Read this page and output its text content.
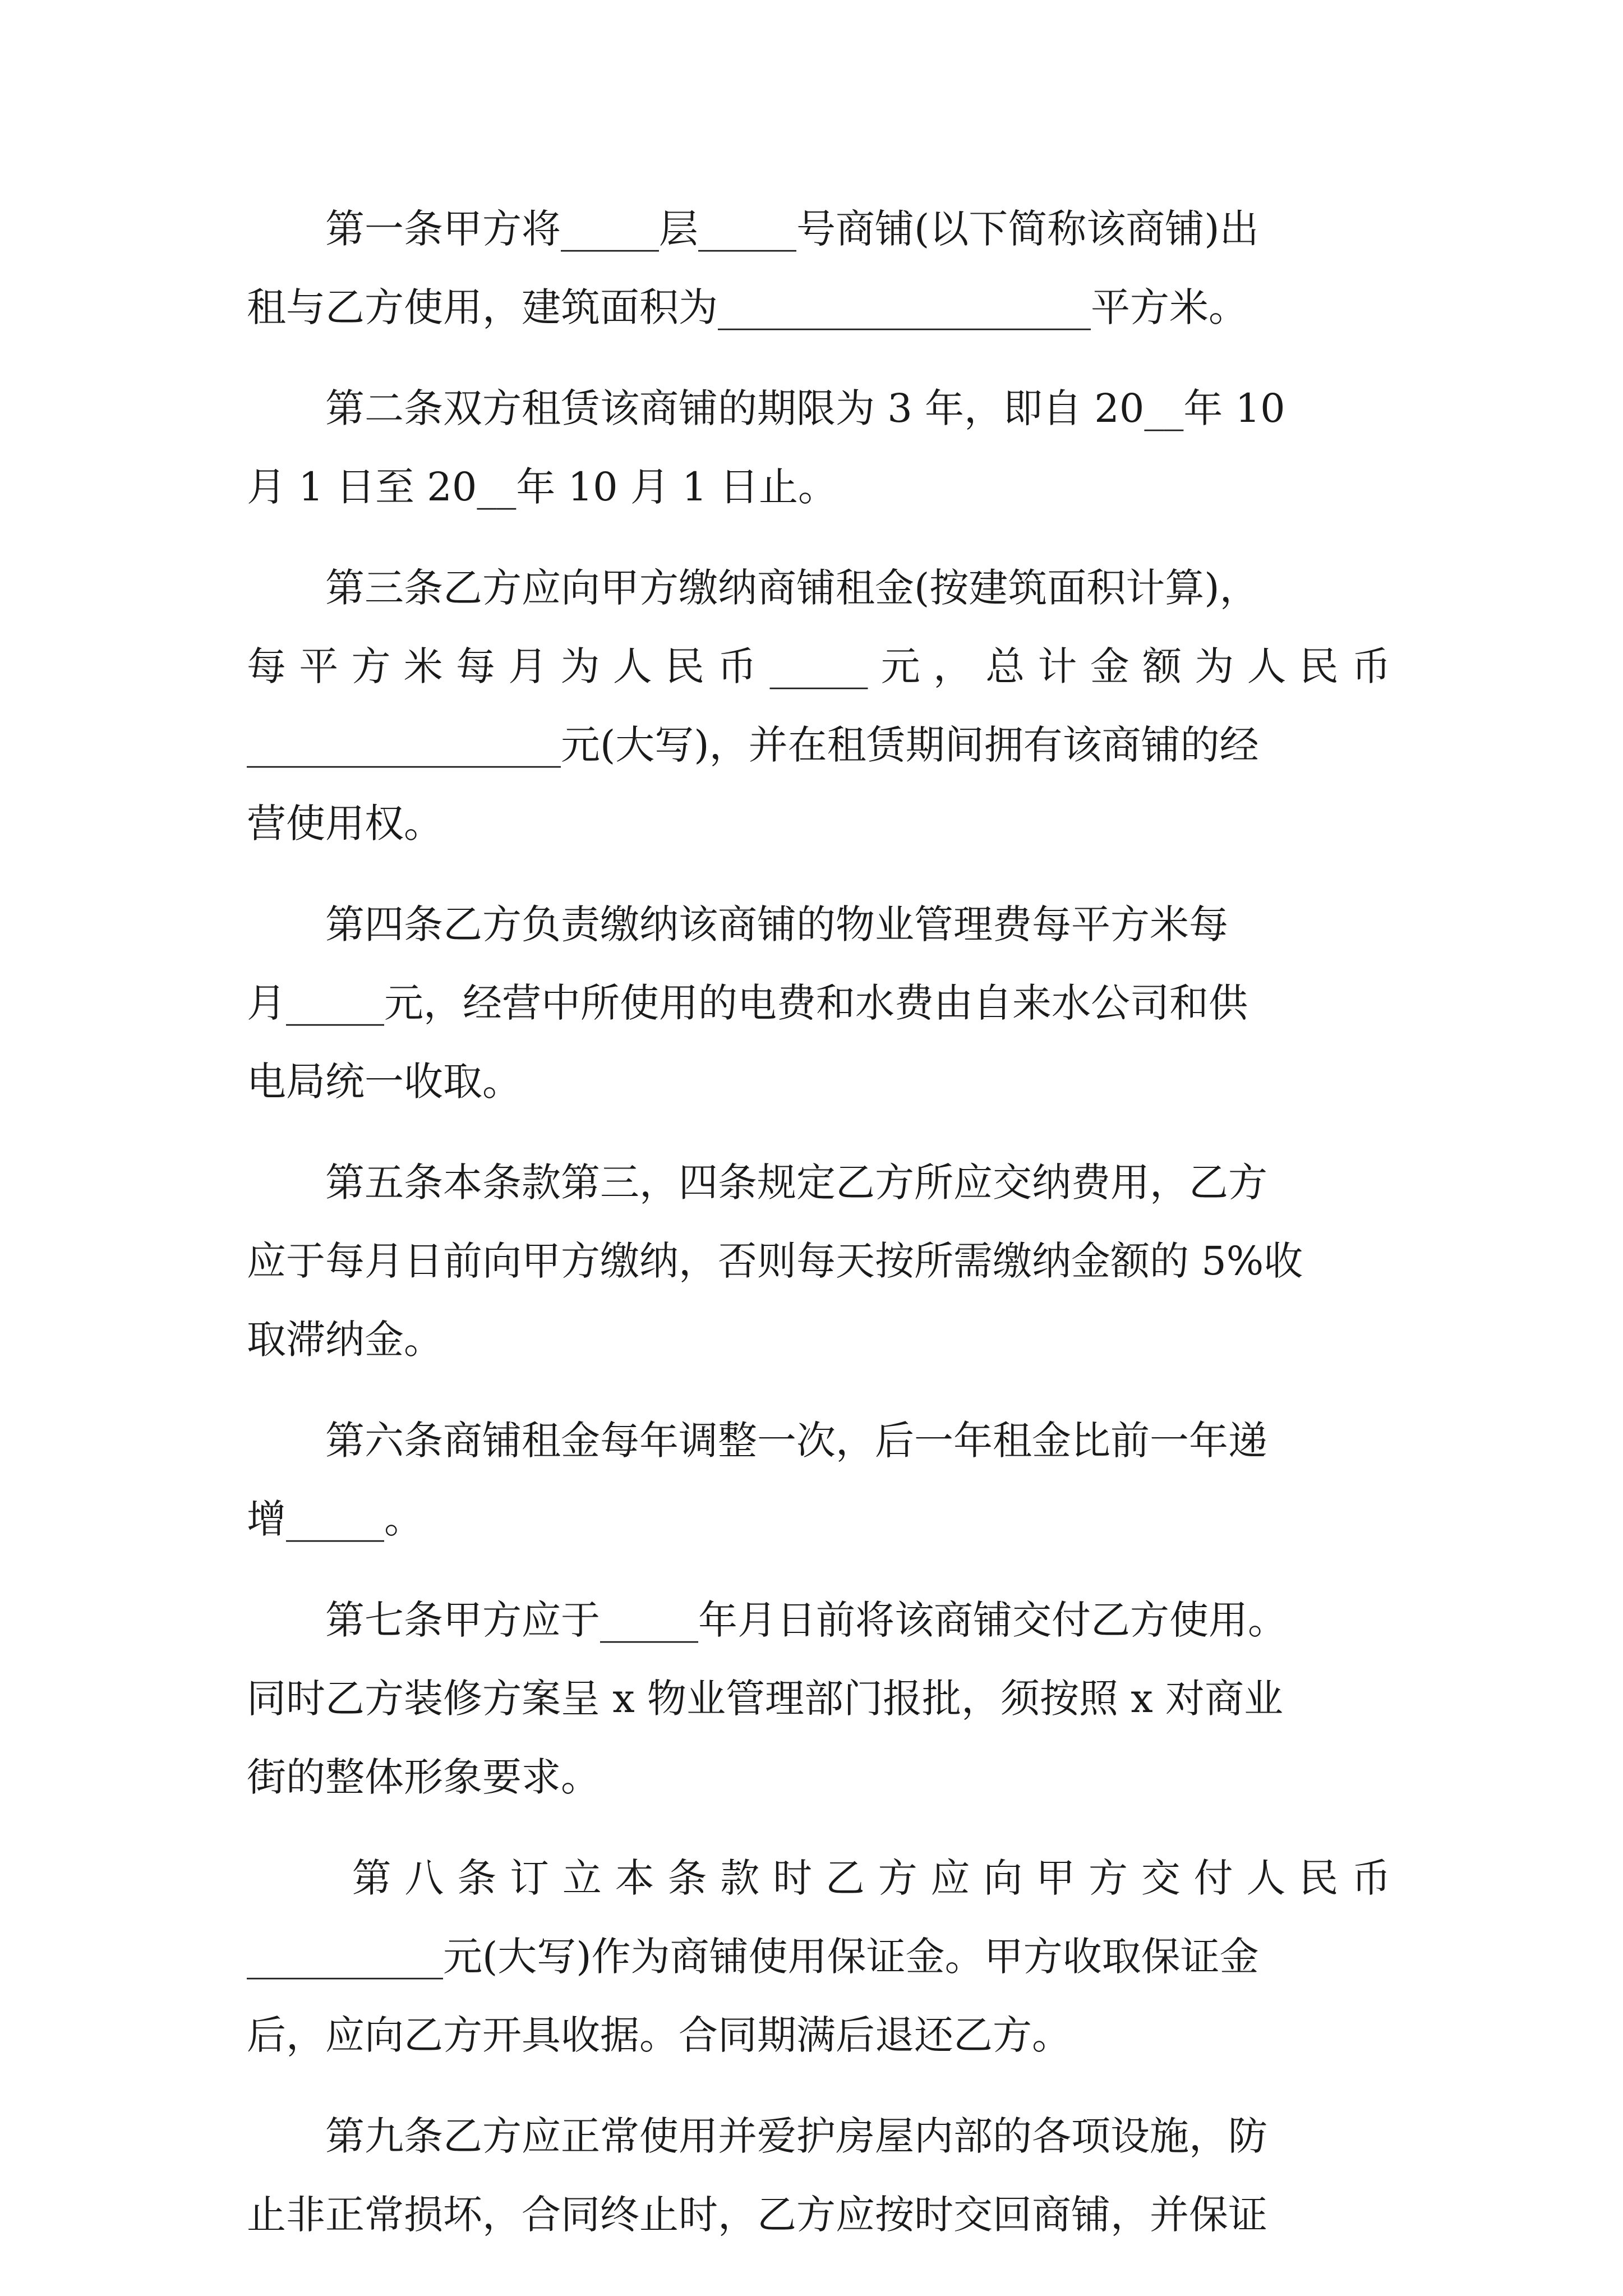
　　第一条甲方将_____层_____号商铺(以下简称该商铺)出
租与乙方使用，建筑面积为___________________平方米。
　　第二条双方租赁该商铺的期限为 3 年，即自 20__年 10
月 1 日至 20__年 10 月 1 日止。
　　第三条乙方应向甲方缴纳商铺租金(按建筑面积计算)，
每平方米每月为人民币_____元，总计金额为人民币
________________元(大写)，并在租赁期间拥有该商铺的经
营使用权。
　　第四条乙方负责缴纳该商铺的物业管理费每平方米每
月_____元，经营中所使用的电费和水费由自来水公司和供
电局统一收取。
　　第五条本条款第三，四条规定乙方所应交纳费用，乙方
应于每月日前向甲方缴纳，否则每天按所需缴纳金额的 5%收
取滞纳金。
　　第六条商铺租金每年调整一次，后一年租金比前一年递
增_____。
　　第七条甲方应于_____年月日前将该商铺交付乙方使用。
同时乙方装修方案呈 x 物业管理部门报批，须按照 x 对商业
街的整体形象要求。
　　第八条订立本条款时乙方应向甲方交付人民币
__________元(大写)作为商铺使用保证金。甲方收取保证金
后，应向乙方开具收据。合同期满后退还乙方。
　　第九条乙方应正常使用并爱护房屋内部的各项设施，防
止非正常损坏，合同终止时，乙方应按时交回商铺，并保证
